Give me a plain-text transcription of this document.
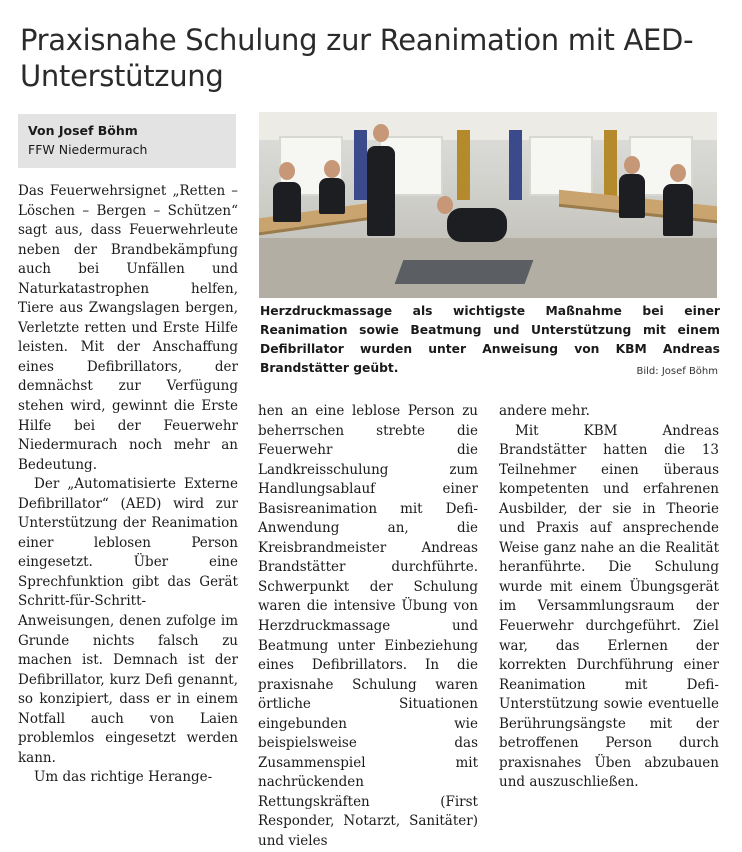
Praxisnahe Schulung zur Reanimation mit AED-Unterstützung
Von Josef Böhm
FFW Niedermurach
Herzdruckmassage als wichtigste Maßnahme bei einer Reanimation sowie Beatmung und Unterstützung mit einem Defibrillator wurden unter Anweisung von KBM Andreas Brandstätter geübt.	Bild: Josef Böhm

Das Feuerwehrsignet „Retten – Löschen – Bergen – Schützen“ sagt aus, dass Feuerwehrleute neben der Brandbekämpfung auch bei Unfällen und Naturkatastrophen helfen, Tiere aus Zwangslagen bergen, Verletzte retten und Erste Hilfe leisten. Mit der Anschaffung eines Defibrillators, der demnächst zur Verfügung stehen wird, gewinnt die Erste Hilfe bei der Feuerwehr Niedermurach noch mehr an Bedeutung.

Der „Automatisierte Externe Defibrillator“ (AED) wird zur Unterstützung der Reanimation einer leblosen Person eingesetzt. Über eine Sprechfunktion gibt das Gerät Schritt-für-Schritt-Anweisungen, denen zufolge im Grunde nichts falsch zu machen ist. Demnach ist der Defibrillator, kurz Defi genannt, so konzipiert, dass er in einem Notfall auch von Laien problemlos eingesetzt werden kann.

Um das richtige Herange-

hen an eine leblose Person zu beherrschen strebte die Feuerwehr die Landkreisschulung zum Handlungsablauf einer Basisreanimation mit Defi-Anwendung an, die Kreisbrandmeister Andreas Brandstätter durchführte. Schwerpunkt der Schulung waren die intensive Übung von Herzdruckmassage und Beatmung unter Einbeziehung eines Defibrillators. In die praxisnahe Schulung waren örtliche Situationen eingebunden wie beispielsweise das Zusammenspiel mit nachrückenden Rettungskräften (First Responder, Notarzt, Sanitäter) und vieles

andere mehr.

Mit KBM Andreas Brandstätter hatten die 13 Teilnehmer einen überaus kompetenten und erfahrenen Ausbilder, der sie in Theorie und Praxis auf ansprechende Weise ganz nahe an die Realität heranführte. Die Schulung wurde mit einem Übungsgerät im Versammlungsraum der Feuerwehr durchgeführt. Ziel war, das Erlernen der korrekten Durchführung einer Reanimation mit Defi-Unterstützung sowie eventuelle Berührungsängste mit der betroffenen Person durch praxisnahes Üben abzubauen und auszuschließen.
